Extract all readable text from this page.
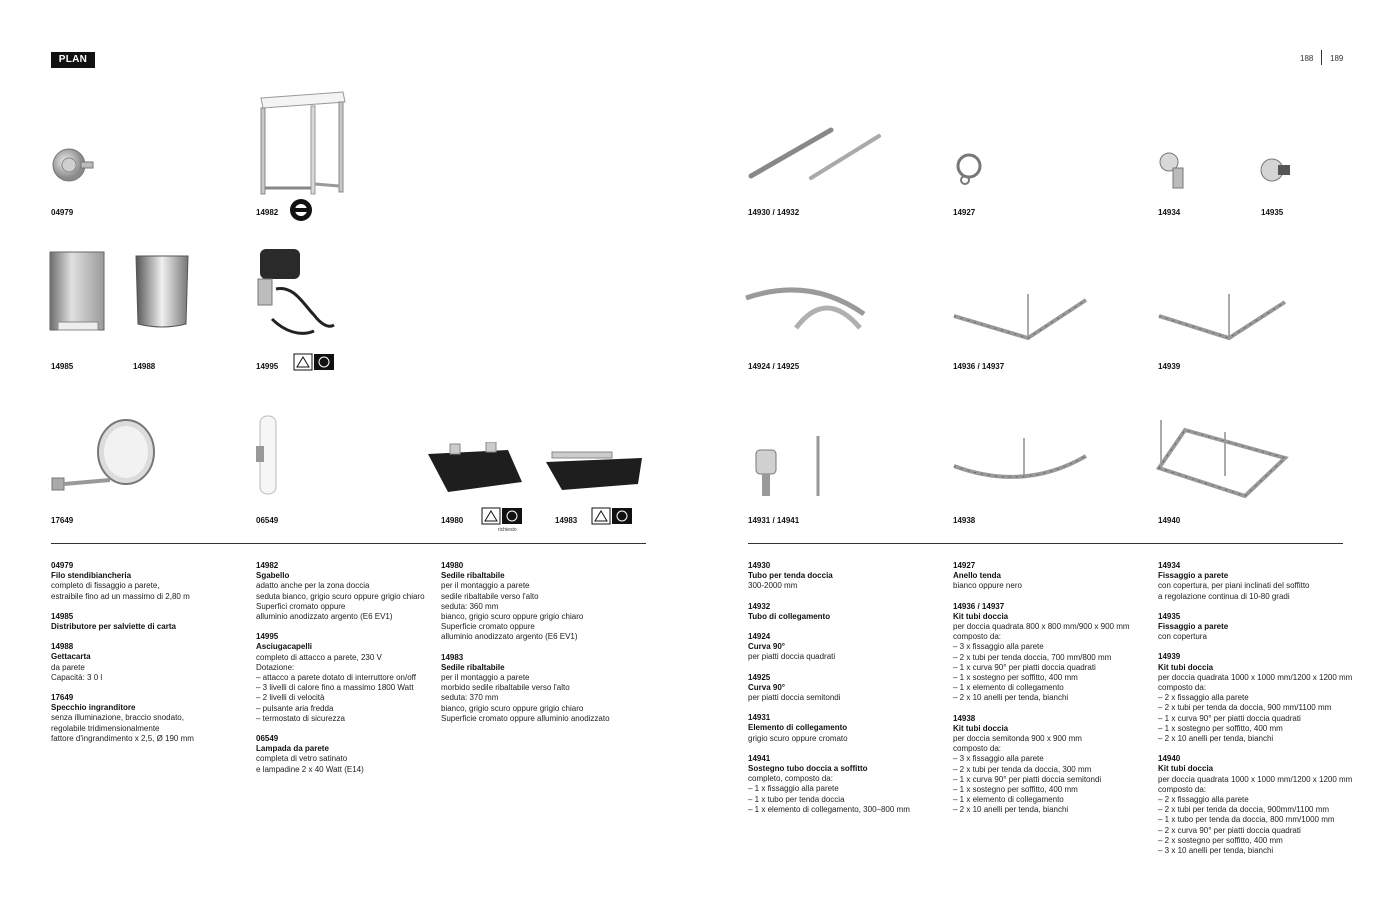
PLAN	188 189
04979	14982
14985	14988	14995
17649	06549	14980
richiesto
14983
14930 / 14932	14927	14934	14935
14924 / 14925	14936 / 14937	14939
14931 / 14941	14938	14940
04979
Filo stendibiancheria
completo di fissaggio a parete,
estraibile fino ad un massimo di 2,80 m
14985
Distributore per salviette di carta
14988
Gettacarta
da parete
Capacità: 3 0 l
17649
Specchio ingranditore
senza illuminazione, braccio snodato,
regolabile tridimensionalmente
fattore d'ingrandimento x 2,5, Ø 190 mm
14982
Sgabello
adatto anche per la zona doccia
seduta bianco, grigio scuro oppure grigio chiaro
Superfici cromato oppure
alluminio anodizzato argento (E6 EV1)
14995
Asciugacapelli
completo di attacco a parete, 230 V
Dotazione:
– attacco a parete dotato di interruttore on/off
– 3 livelli di calore fino a massimo 1800 Watt
– 2 livelli di velocità
– pulsante aria fredda
– termostato di sicurezza
06549
Lampada da parete
completa di vetro satinato
e lampadine 2 x 40 Watt (E14)
14980
Sedile ribaltabile
per il montaggio a parete
sedile ribaltabile verso l'alto
seduta: 360 mm
bianco, grigio scuro oppure grigio chiaro
Superficie cromato oppure
alluminio anodizzato argento (E6 EV1)
14983
Sedile ribaltabile
per il montaggio a parete
morbido sedile ribaltabile verso l'alto
seduta: 370 mm
bianco, grigio scuro oppure grigio chiaro
Superficie cromato oppure alluminio anodizzato
14930
Tubo per tenda doccia
300-2000 mm
14932
Tubo di collegamento
14924
Curva 90°
per piatti doccia quadrati
14925
Curva 90°
per piatti doccia semitondi
14931
Elemento di collegamento
grigio scuro oppure cromato
14941
Sostegno tubo doccia a soffitto
completo, composto da:
– 1 x fissaggio alla parete
– 1 x tubo per tenda doccia
– 1 x elemento di collegamento, 300–800 mm
14927
Anello tenda
bianco oppure nero
14936 / 14937
Kit tubi doccia
per doccia quadrata 800 x 800 mm/900 x 900 mm
composto da:
– 3 x fissaggio alla parete
– 2 x tubi per tenda doccia, 700 mm/800 mm
– 1 x curva 90° per piatti doccia quadrati
– 1 x sostegno per soffitto, 400 mm
– 1 x elemento di collegamento
– 2 x 10 anelli per tenda, bianchi
14938
Kit tubi doccia
per doccia semitonda 900 x 900 mm
composto da:
– 3 x fissaggio alla parete
– 2 x tubi per tenda da doccia, 300 mm
– 1 x curva 90° per piatti doccia semitondi
– 1 x sostegno per soffitto, 400 mm
– 1 x elemento di collegamento
– 2 x 10 anelli per tenda, bianchi
14934
Fissaggio a parete
con copertura, per piani inclinati del soffitto
a regolazione continua di 10-80 gradi
14935
Fissaggio a parete
con copertura
14939
Kit tubi doccia
per doccia quadrata 1000 x 1000 mm/1200 x 1200 mm
composto da:
– 2 x fissaggio alla parete
– 2 x tubi per tenda da doccia, 900 mm/1100 mm
– 1 x curva 90° per piatti doccia quadrati
– 1 x sostegno per soffitto, 400 mm
– 2 x 10 anelli per tenda, bianchi
14940
Kit tubi doccia
per doccia quadrata 1000 x 1000 mm/1200 x 1200 mm
composto da:
– 2 x fissaggio alla parete
– 2 x tubi per tenda da doccia, 900mm/1100 mm
– 1 x tubo per tenda da doccia, 800 mm/1000 mm
– 2 x curva 90° per piatti doccia quadrati
– 2 x sostegno per soffitto, 400 mm
– 3 x 10 anelli per tenda, bianchi
